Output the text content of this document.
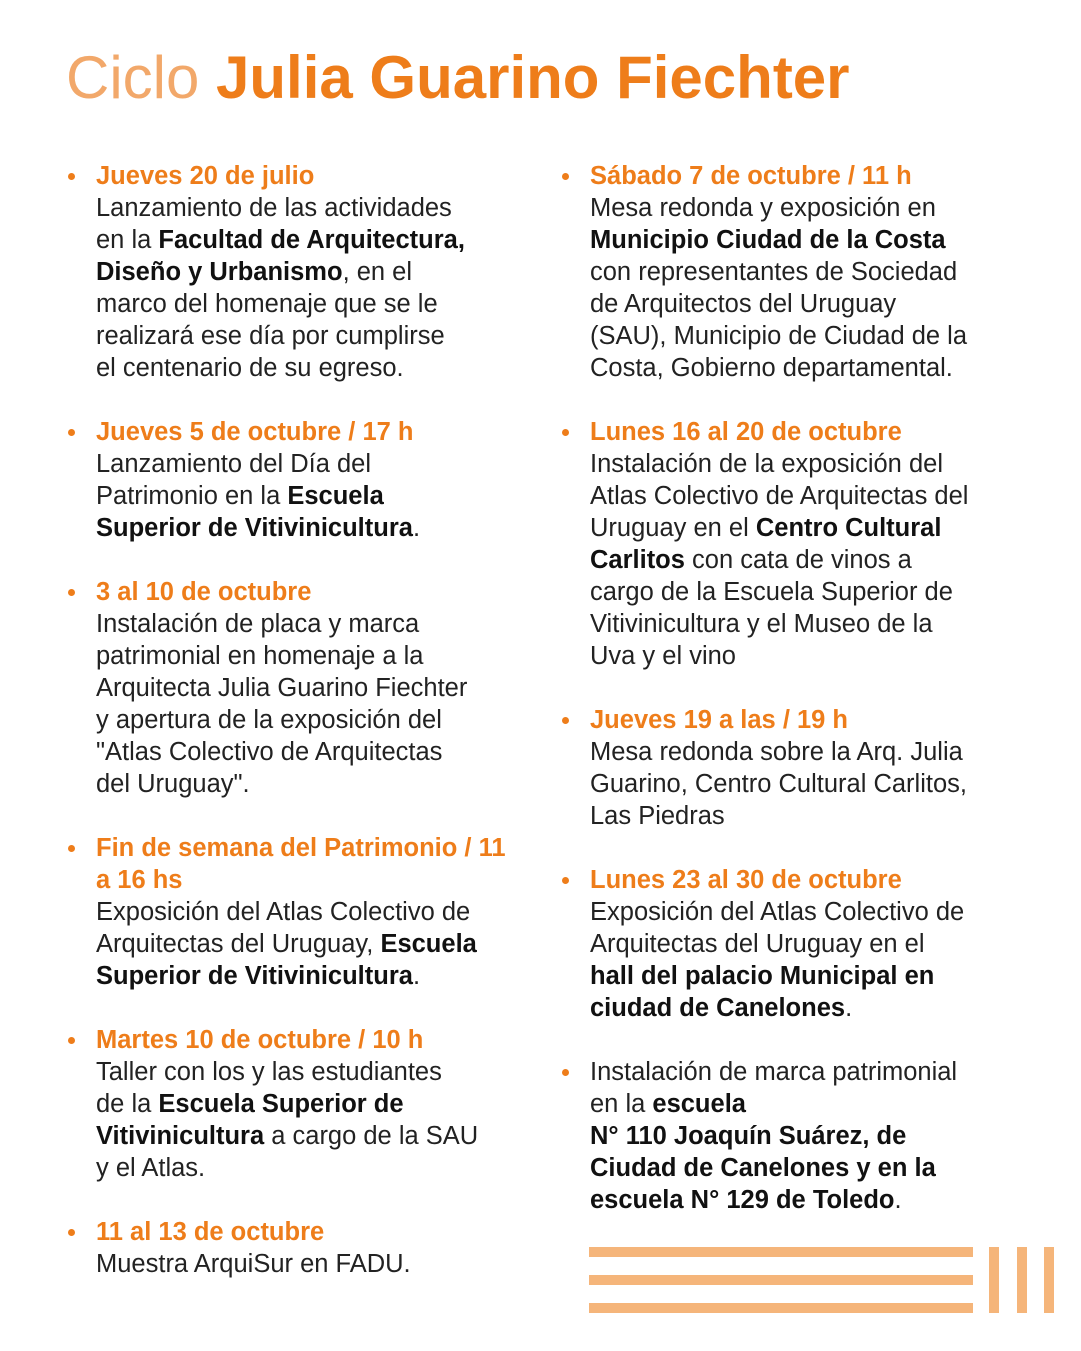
Ciclo Julia Guarino Fiechter
Jueves 20 de julio
Lanzamiento de las actividades
en la Facultad de Arquitectura,
Diseño y Urbanismo, en el
marco del homenaje que se le
realizará ese día por cumplirse
el centenario de su egreso.
Jueves 5 de octubre / 17 h
Lanzamiento del Día del
Patrimonio en la Escuela
Superior de Vitivinicultura.
3 al 10 de octubre
Instalación de placa y marca
patrimonial en homenaje a la
Arquitecta Julia Guarino Fiechter
y apertura de la exposición del
"Atlas Colectivo de Arquitectas
del Uruguay".
Fin de semana del Patrimonio / 11 a 16 hs
Exposición del Atlas Colectivo de
Arquitectas del Uruguay, Escuela
Superior de Vitivinicultura.
Martes 10 de octubre / 10 h
Taller con los y las estudiantes
de la Escuela Superior de
Vitivinicultura a cargo de la SAU
y el Atlas.
11 al 13 de octubre
Muestra ArquiSur en FADU.
Sábado 7 de octubre / 11 h
Mesa redonda y exposición en
Municipio Ciudad de la Costa
con representantes de Sociedad
de Arquitectos del Uruguay
(SAU), Municipio de Ciudad de la
Costa, Gobierno departamental.
Lunes 16 al 20 de octubre
Instalación de la exposición del
Atlas Colectivo de Arquitectas del
Uruguay en el Centro Cultural
Carlitos con cata de vinos a
cargo de la Escuela Superior de
Vitivinicultura y el Museo de la
Uva y el vino
Jueves 19 a las / 19 h
Mesa redonda sobre la Arq. Julia
Guarino, Centro Cultural Carlitos,
Las Piedras
Lunes 23 al 30 de octubre
Exposición del Atlas Colectivo de
Arquitectas del Uruguay en el
hall del palacio Municipal en
ciudad de Canelones.
Instalación de marca patrimonial
en la escuela
N° 110 Joaquín Suárez, de
Ciudad de Canelones y en la
escuela N° 129 de Toledo.
